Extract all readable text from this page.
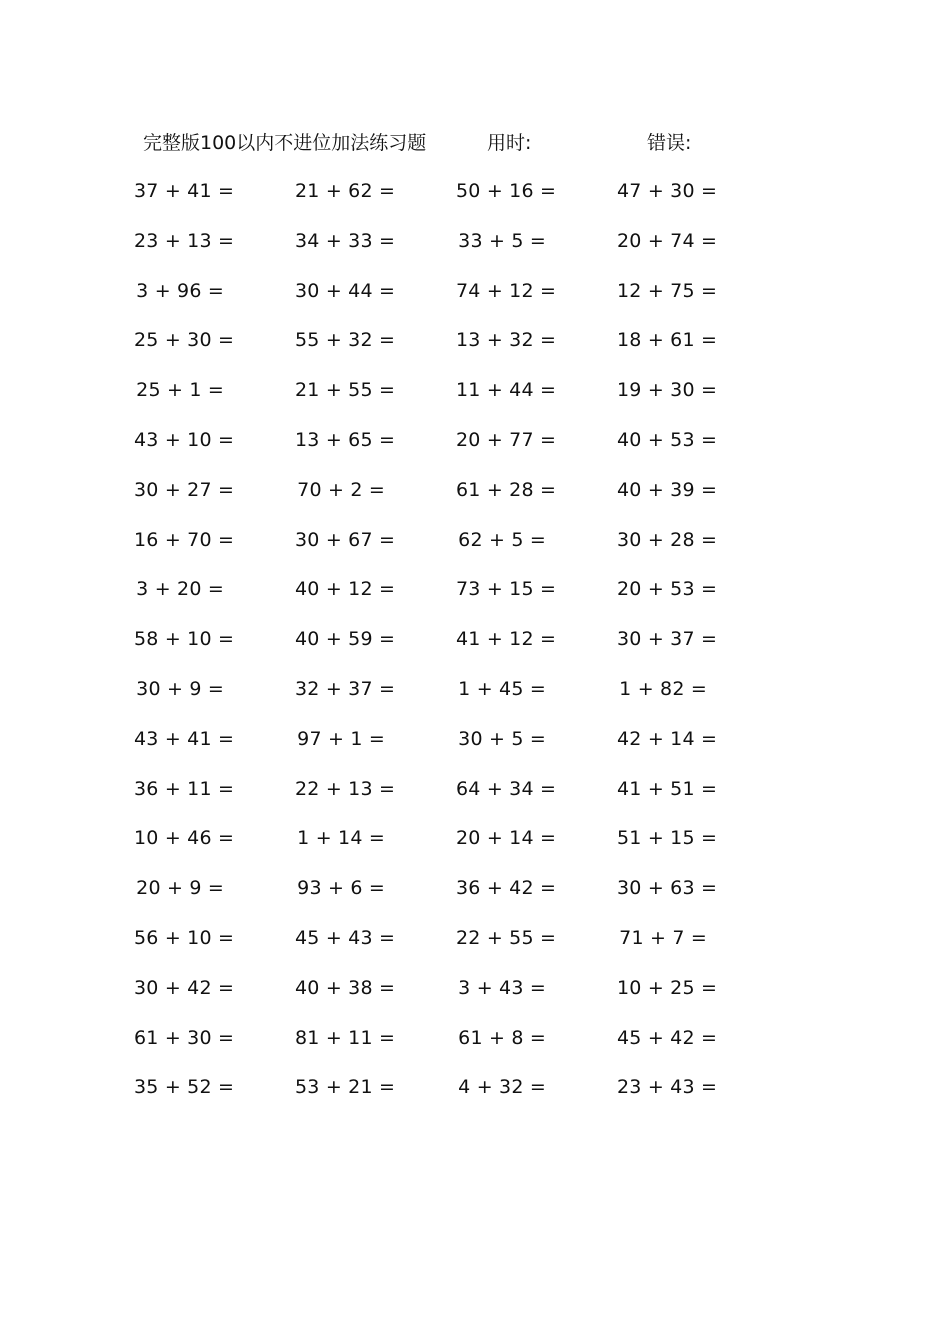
完整版100以内不进位加法练习题	用时:	错误:
37 + 41 =	21 + 62 =	50 + 16 =	47 + 30 =
23 + 13 =	34 + 33 =	33 + 5 =	20 + 74 =
3 + 96 =	30 + 44 =	74 + 12 =	12 + 75 =
25 + 30 =	55 + 32 =	13 + 32 =	18 + 61 =
25 + 1 =	21 + 55 =	11 + 44 =	19 + 30 =
43 + 10 =	13 + 65 =	20 + 77 =	40 + 53 =
30 + 27 =	70 + 2 =	61 + 28 =	40 + 39 =
16 + 70 =	30 + 67 =	62 + 5 =	30 + 28 =
3 + 20 =	40 + 12 =	73 + 15 =	20 + 53 =
58 + 10 =	40 + 59 =	41 + 12 =	30 + 37 =
30 + 9 =	32 + 37 =	1 + 45 =	1 + 82 =
43 + 41 =	97 + 1 =	30 + 5 =	42 + 14 =
36 + 11 =	22 + 13 =	64 + 34 =	41 + 51 =
10 + 46 =	1 + 14 =	20 + 14 =	51 + 15 =
20 + 9 =	93 + 6 =	36 + 42 =	30 + 63 =
56 + 10 =	45 + 43 =	22 + 55 =	71 + 7 =
30 + 42 =	40 + 38 =	3 + 43 =	10 + 25 =
61 + 30 =	81 + 11 =	61 + 8 =	45 + 42 =
35 + 52 =	53 + 21 =	4 + 32 =	23 + 43 =
